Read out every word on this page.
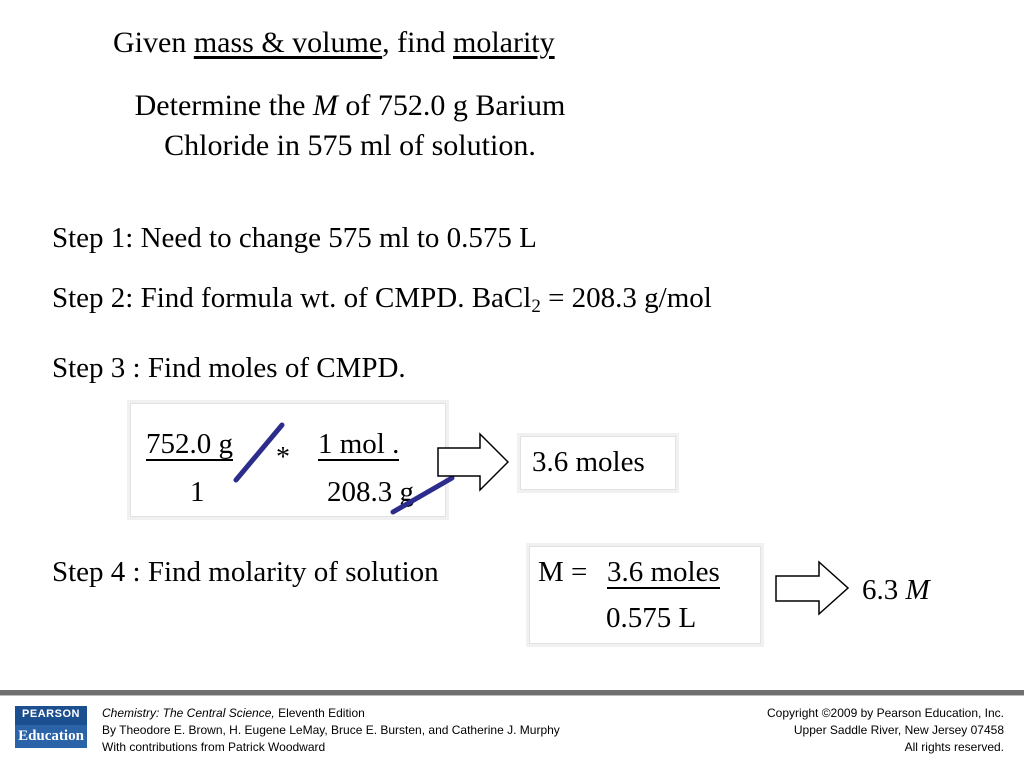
Given mass & volume, find molarity
Determine the M of 752.0 g Barium
Chloride in 575 ml of solution.
Step 1: Need to change 575 ml to 0.575 L
Step 2: Find formula wt. of CMPD. BaCl$_2$ = 208.3 g/mol
Step 3 : Find moles of CMPD.
752.0 g
1
* 1 mol .
208.3 g
3.6 moles
Step 4 : Find molarity of solution	M = 3.6 moles
0.575 L
6.3 M
PEARSON
Education
Chemistry: The Central Science, Eleventh Edition
By Theodore E. Brown, H. Eugene LeMay, Bruce E. Bursten, and Catherine J. Murphy
With contributions from Patrick Woodward
Copyright ©2009 by Pearson Education, Inc.
Upper Saddle River, New Jersey 07458
All rights reserved.
